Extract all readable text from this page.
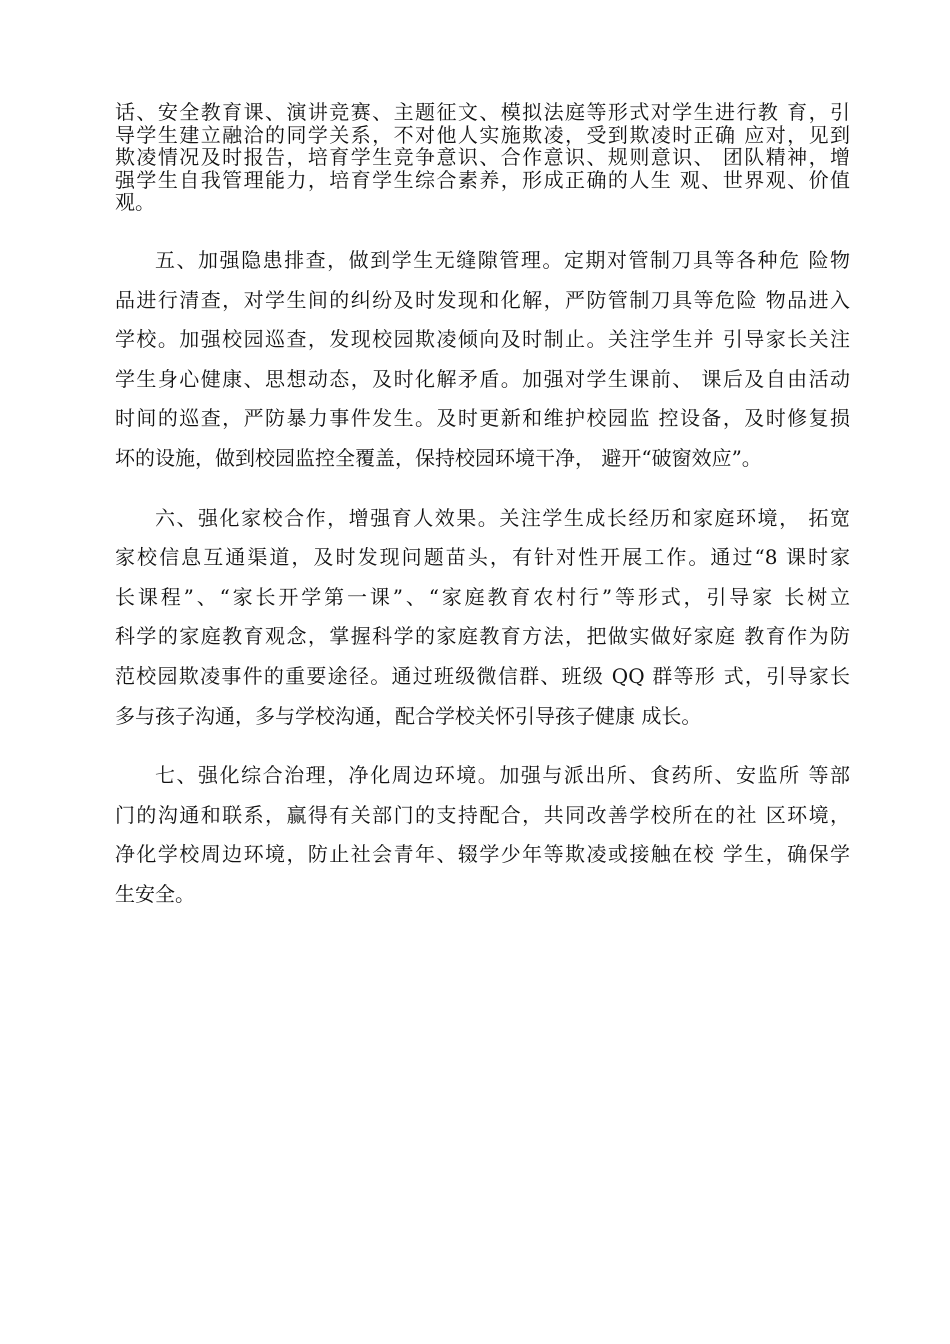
话、安全教育课、演讲竞赛、主题征文、模拟法庭等形式对学生进行教 育，引
导学生建立融洽的同学关系，不对他人实施欺凌，受到欺凌时正确 应对，见到
欺凌情况及时报告，培育学生竞争意识、合作意识、规则意识、 团队精神，增
强学生自我管理能力，培育学生综合素养，形成正确的人生 观、世界观、价值
观。
五、加强隐患排查，做到学生无缝隙管理。定期对管制刀具等各种危 险物
品进行清查，对学生间的纠纷及时发现和化解，严防管制刀具等危险 物品进入
学校。加强校园巡查，发现校园欺凌倾向及时制止。关注学生并 引导家长关注
学生身心健康、思想动态，及时化解矛盾。加强对学生课前、 课后及自由活动
时间的巡查，严防暴力事件发生。及时更新和维护校园监 控设备，及时修复损
坏的设施，做到校园监控全覆盖，保持校园环境干净， 避开“破窗效应”。
六、强化家校合作，增强育人效果。关注学生成长经历和家庭环境， 拓宽
家校信息互通渠道，及时发现问题苗头，有针对性开展工作。通过“8 课时家
长课程”、“家长开学第一课”、“家庭教育农村行”等形式，引导家 长树立
科学的家庭教育观念，掌握科学的家庭教育方法，把做实做好家庭 教育作为防
范校园欺凌事件的重要途径。通过班级微信群、班级 QQ 群等形 式，引导家长
多与孩子沟通，多与学校沟通，配合学校关怀引导孩子健康 成长。
七、强化综合治理，净化周边环境。加强与派出所、食药所、安监所 等部
门的沟通和联系，赢得有关部门的支持配合，共同改善学校所在的社 区环境，
净化学校周边环境，防止社会青年、辍学少年等欺凌或接触在校 学生，确保学
生安全。
